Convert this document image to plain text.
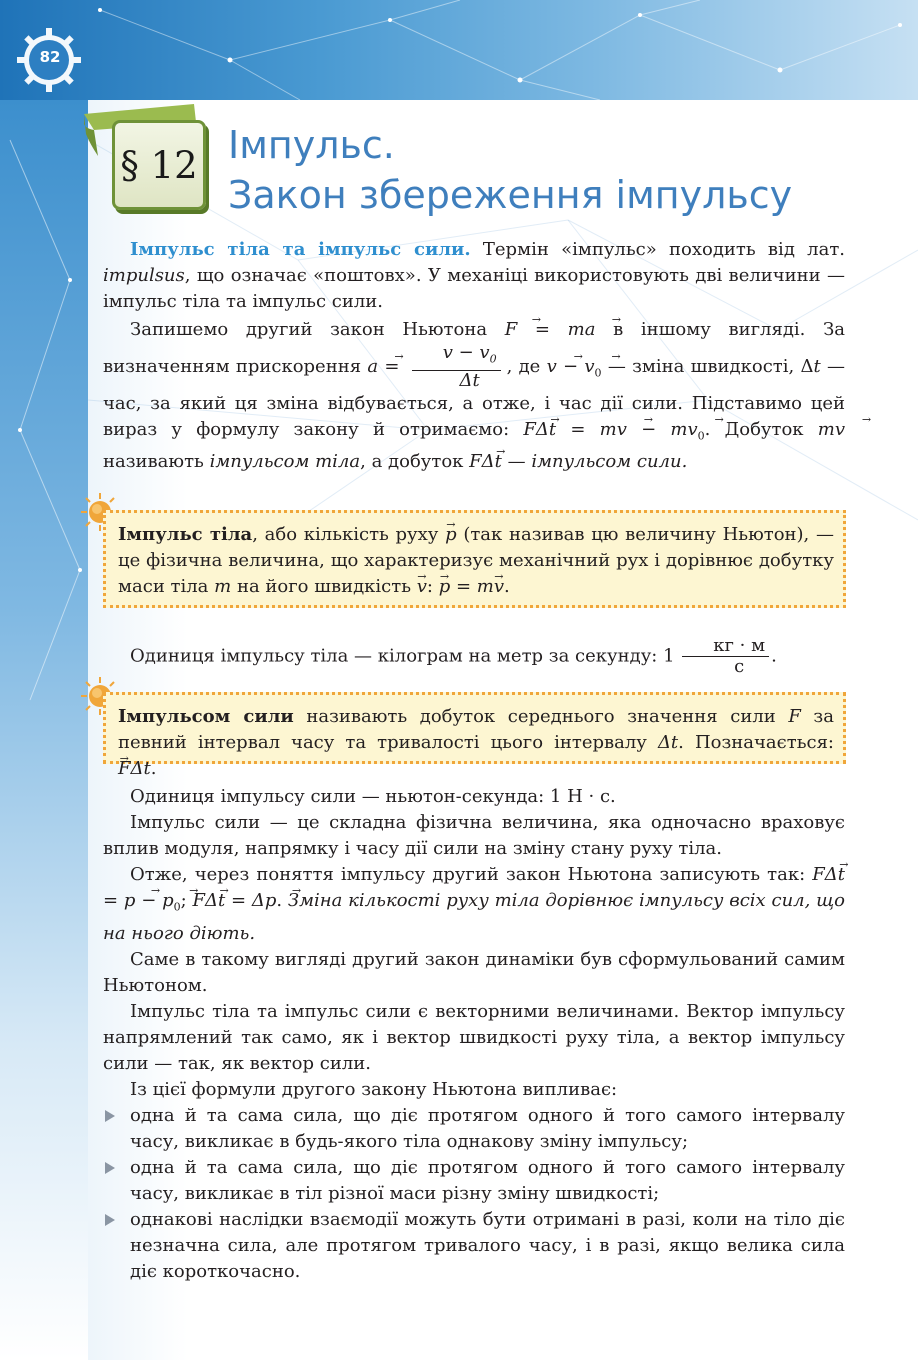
82
§ 12 Імпульс.
Закон збереження імпульсу

Імпульс тіла та імпульс сили. Термін «імпульс» походить від лат. impulsus, що означає «поштовх». У механіці використовують дві величини — імпульс тіла та імпульс сили.

Запишемо другий закон Ньютона F → = ma → в іншому вигляді. За визначенням прискорення a → = $\frac{v - v_0}{\Delta t}$ , де v → − $v \to_0$ — зміна швидкості, Δt — час, за який ця зміна відбувається, а отже, і час дії сили. Підставимо цей вираз у формулу закону й отримаємо: F →Δt = mv → − mv $\to_0$. Добуток mv → називають імпульсом тіла, а добуток F →Δt — імпульсом сили.

Імпульс тіла, або кількість руху p → (так називав цю величину Ньютон), — це фізична величина, що характеризує механічний рух і дорівнює добутку маси тіла m на його швидкість v →: p → = mv →.
Одиниця імпульсу тіла — кілограм на метр за секунду: $1 \frac{кг \cdot м}{с}$ .
Імпульсом сили називають добуток середнього значення сили F за певний інтервал часу та тривалості цього інтервалу Δt. Позначається: F →Δt.

Одиниця імпульсу сили — ньютон-секунда: 1 Н · с.

Імпульс сили — це складна фізична величина, яка одночасно враховує вплив модуля, напрямку і часу дії сили на зміну стану руху тіла.

Отже, через поняття імпульсу другий закон Ньютона записують так: F →Δt = p → − $p \to_0$; F →Δt = Δp →. Зміна кількості руху тіла дорівнює імпульсу всіх сил, що на нього діють.

Саме в такому вигляді другий закон динаміки був сформульований самим Ньютоном.

Імпульс тіла та імпульс сили є векторними величинами. Вектор імпульсу напрямлений так само, як і вектор швидкості руху тіла, а вектор імпульсу сили — так, як вектор сили.

Із цієї формули другого закону Ньютона випливає:

одна й та сама сила, що діє протягом одного й того самого інтервалу часу, викликає в будь-якого тіла однакову зміну імпульсу;
одна й та сама сила, що діє протягом одного й того самого інтервалу часу, викликає в тіл різної маси різну зміну швидкості;
однакові наслідки взаємодії можуть бути отримані в разі, коли на тіло діє незначна сила, але протягом тривалого часу, і в разі, якщо велика сила діє короткочасно.
